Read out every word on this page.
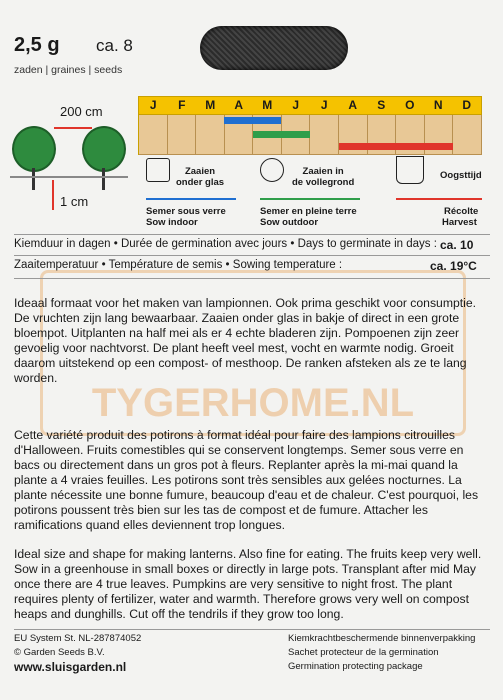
TYGERHOME.NL
2,5 g ca. 8
zaden | graines | seeds
J	F	M	A	M	J	J	A	S	O	N	D
200 cm
1 cm
Zaaien
onder glas
Semer sous verre
Sow indoor
Zaaien in
de vollegrond
Semer en pleine terre
Sow outdoor
Oogsttijd
Récolte
Harvest
Kiemduur in dagen • Durée de germination avec jours • Days to germinate in days : ca. 10
Zaaitemperatuur • Température de semis • Sowing temperature :	ca. 19°C
Ideaal formaat voor het maken van lampionnen. Ook prima geschikt voor consumptie. De vruchten zijn lang bewaarbaar. Zaaien onder glas in bakje of direct in een grote bloempot. Uitplanten na half mei als er 4 echte bladeren zijn. Pompoenen zijn zeer gevoelig voor nachtvorst. De plant heeft veel mest, vocht en warmte nodig. Groeit daarom uitstekend op een compost- of mesthoop. De ranken afsteken als ze te lang worden.
Cette variété produit des potirons à format idéal pour faire des lampions citrouilles d'Halloween. Fruits comestibles qui se conservent longtemps. Semer sous verre en bacs ou directement dans un gros pot à fleurs. Replanter après la mi-mai quand la plante a 4 vraies feuilles. Les potirons sont très sensibles aux gelées nocturnes. La plante nécessite une bonne fumure, beaucoup d'eau et de chaleur. C'est pourquoi, les potirons poussent très bien sur les tas de compost et de fumure. Attacher les ramifications quand elles deviennent trop longues.
Ideal size and shape for making lanterns. Also fine for eating. The fruits keep very well. Sow in a greenhouse in small boxes or directly in large pots. Transplant after mid May once there are 4 true leaves. Pumpkins are very sensitive to night frost. The plant requires plenty of fertilizer, water and warmth. Therefore grows very well on compost heaps and dunghills. Cut off the tendrils if they grow too long.
EU System St. NL-287874052
© Garden Seeds B.V.
www.sluisgarden.nl
Kiemkrachtbeschermende binnenverpakking
Sachet protecteur de la germination
Germination protecting package
